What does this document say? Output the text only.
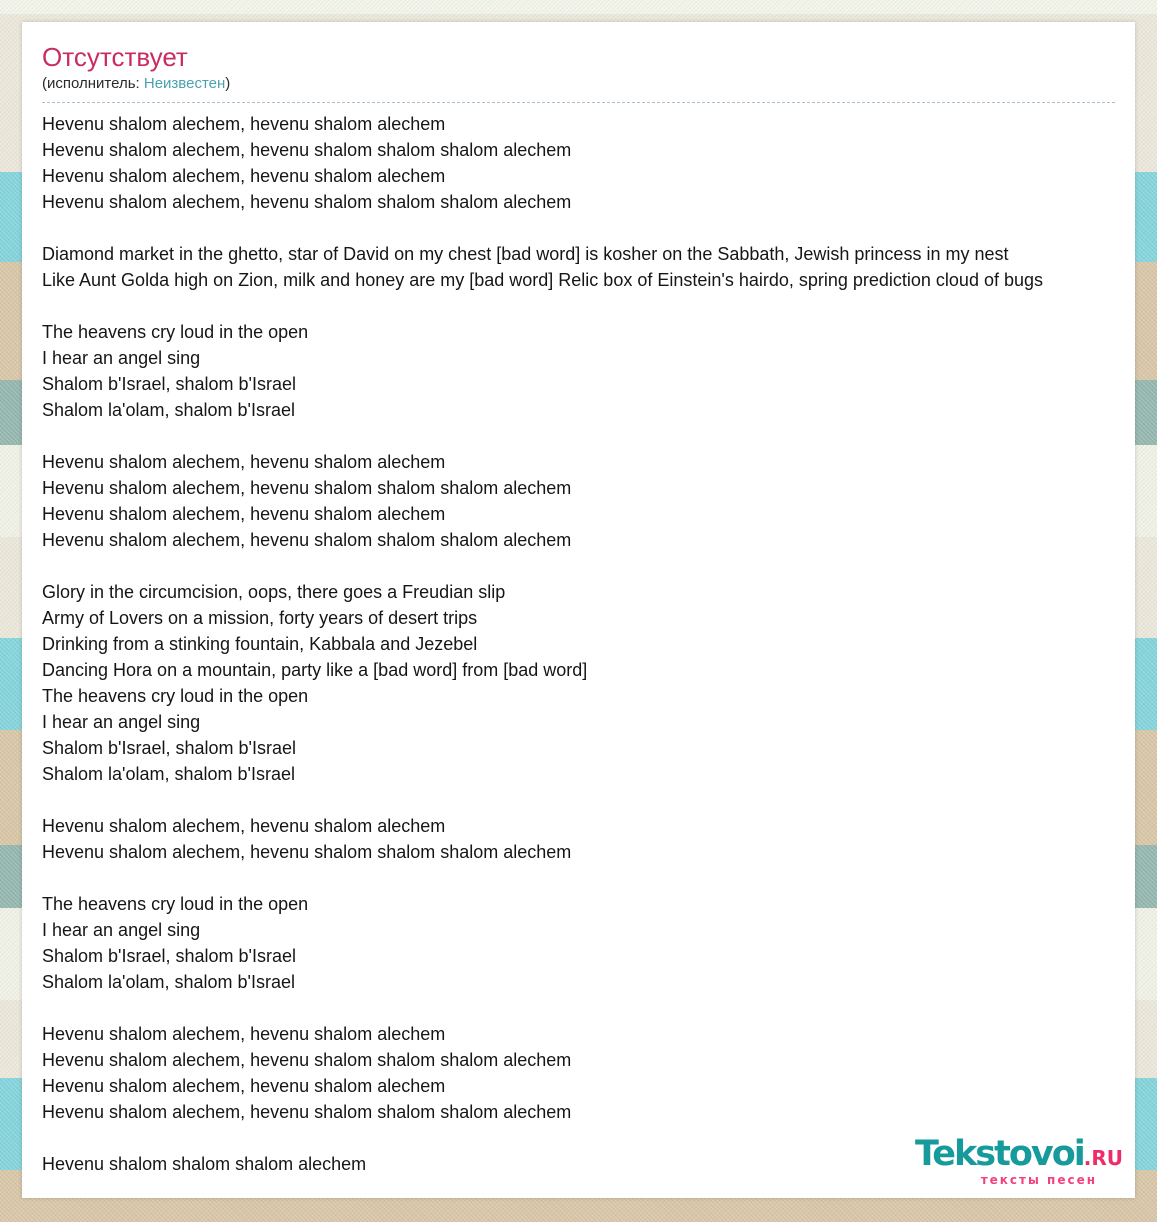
Отсутствует
(исполнитель: Неизвестен)
Hevenu shalom alechem, hevenu shalom alechem
Hevenu shalom alechem, hevenu shalom shalom shalom alechem
Hevenu shalom alechem, hevenu shalom alechem
Hevenu shalom alechem, hevenu shalom shalom shalom alechem
Diamond market in the ghetto, star of David on my chest [bad word] is kosher on the Sabbath, Jewish princess in my nest
Like Aunt Golda high on Zion, milk and honey are my [bad word] Relic box of Einstein's hairdo, spring prediction cloud of bugs
The heavens cry loud in the open
I hear an angel sing
Shalom b'Israel, shalom b'Israel
Shalom la'olam, shalom b'Israel
Hevenu shalom alechem, hevenu shalom alechem
Hevenu shalom alechem, hevenu shalom shalom shalom alechem
Hevenu shalom alechem, hevenu shalom alechem
Hevenu shalom alechem, hevenu shalom shalom shalom alechem
Glory in the circumcision, oops, there goes a Freudian slip
Army of Lovers on a mission, forty years of desert trips
Drinking from a stinking fountain, Kabbala and Jezebel
Dancing Hora on a mountain, party like a [bad word] from [bad word]
The heavens cry loud in the open
I hear an angel sing
Shalom b'Israel, shalom b'Israel
Shalom la'olam, shalom b'Israel
Hevenu shalom alechem, hevenu shalom alechem
Hevenu shalom alechem, hevenu shalom shalom shalom alechem
The heavens cry loud in the open
I hear an angel sing
Shalom b'Israel, shalom b'Israel
Shalom la'olam, shalom b'Israel
Hevenu shalom alechem, hevenu shalom alechem
Hevenu shalom alechem, hevenu shalom shalom shalom alechem
Hevenu shalom alechem, hevenu shalom alechem
Hevenu shalom alechem, hevenu shalom shalom shalom alechem
Hevenu shalom shalom shalom alechem	Tekstovoi.RU
тексты песен
